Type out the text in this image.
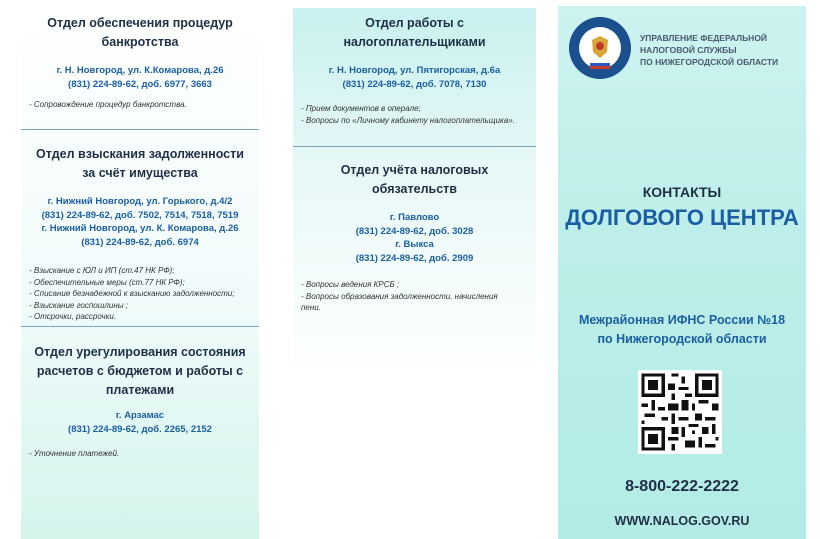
Отдел обеспечения процедур
банкротства
г. Н. Новгород, ул. К.Комарова, д.26
(831) 224-89-62, доб. 6977, 3663
- Сопровождение процедур банкротства.
Отдел взыскания задолженности
за счёт имущества
г. Нижний Новгород, ул. Горького, д.4/2
(831) 224-89-62, доб. 7502, 7514, 7518, 7519
г. Нижний Новгород, ул. К. Комарова, д.26
(831) 224-89-62, доб. 6974
- Взыскание с ЮЛ и ИП (ст.47 НК РФ);
- Обеспечительные меры (ст.77 НК РФ);
- Списание безнадежной к взысканию задолженности;
- Взыскание госпошлины ;
- Отсрочки, рассрочки.
Отдел урегулирования состояния
расчетов с бюджетом и работы с
платежами
г. Арзамас
(831) 224-89-62, доб. 2265, 2152
- Уточнение платежей.
Отдел работы с
налогоплательщиками
г. Н. Новгород, ул. Пятигорская, д.6а
(831) 224-89-62, доб. 7078, 7130
- Прием документов в операле;
- Вопросы по «Личному кабинету налогоплательщика».
Отдел учёта налоговых обязательств
г. Павлово
(831) 224-89-62, доб. 3028
г. Выкса
(831) 224-89-62, доб. 2909
- Вопросы ведения КРСБ ;
- Вопросы образования задолженности, начисления
пени.
УПРАВЛЕНИЕ ФЕДЕРАЛЬНОЙ
НАЛОГОВОЙ СЛУЖБЫ
ПО НИЖЕГОРОДСКОЙ ОБЛАСТИ
КОНТАКТЫ
ДОЛГОВОГО ЦЕНТРА
Межрайонная ИФНС России №18
по Нижегородской области
8-800-222-2222
WWW.NALOG.GOV.RU
